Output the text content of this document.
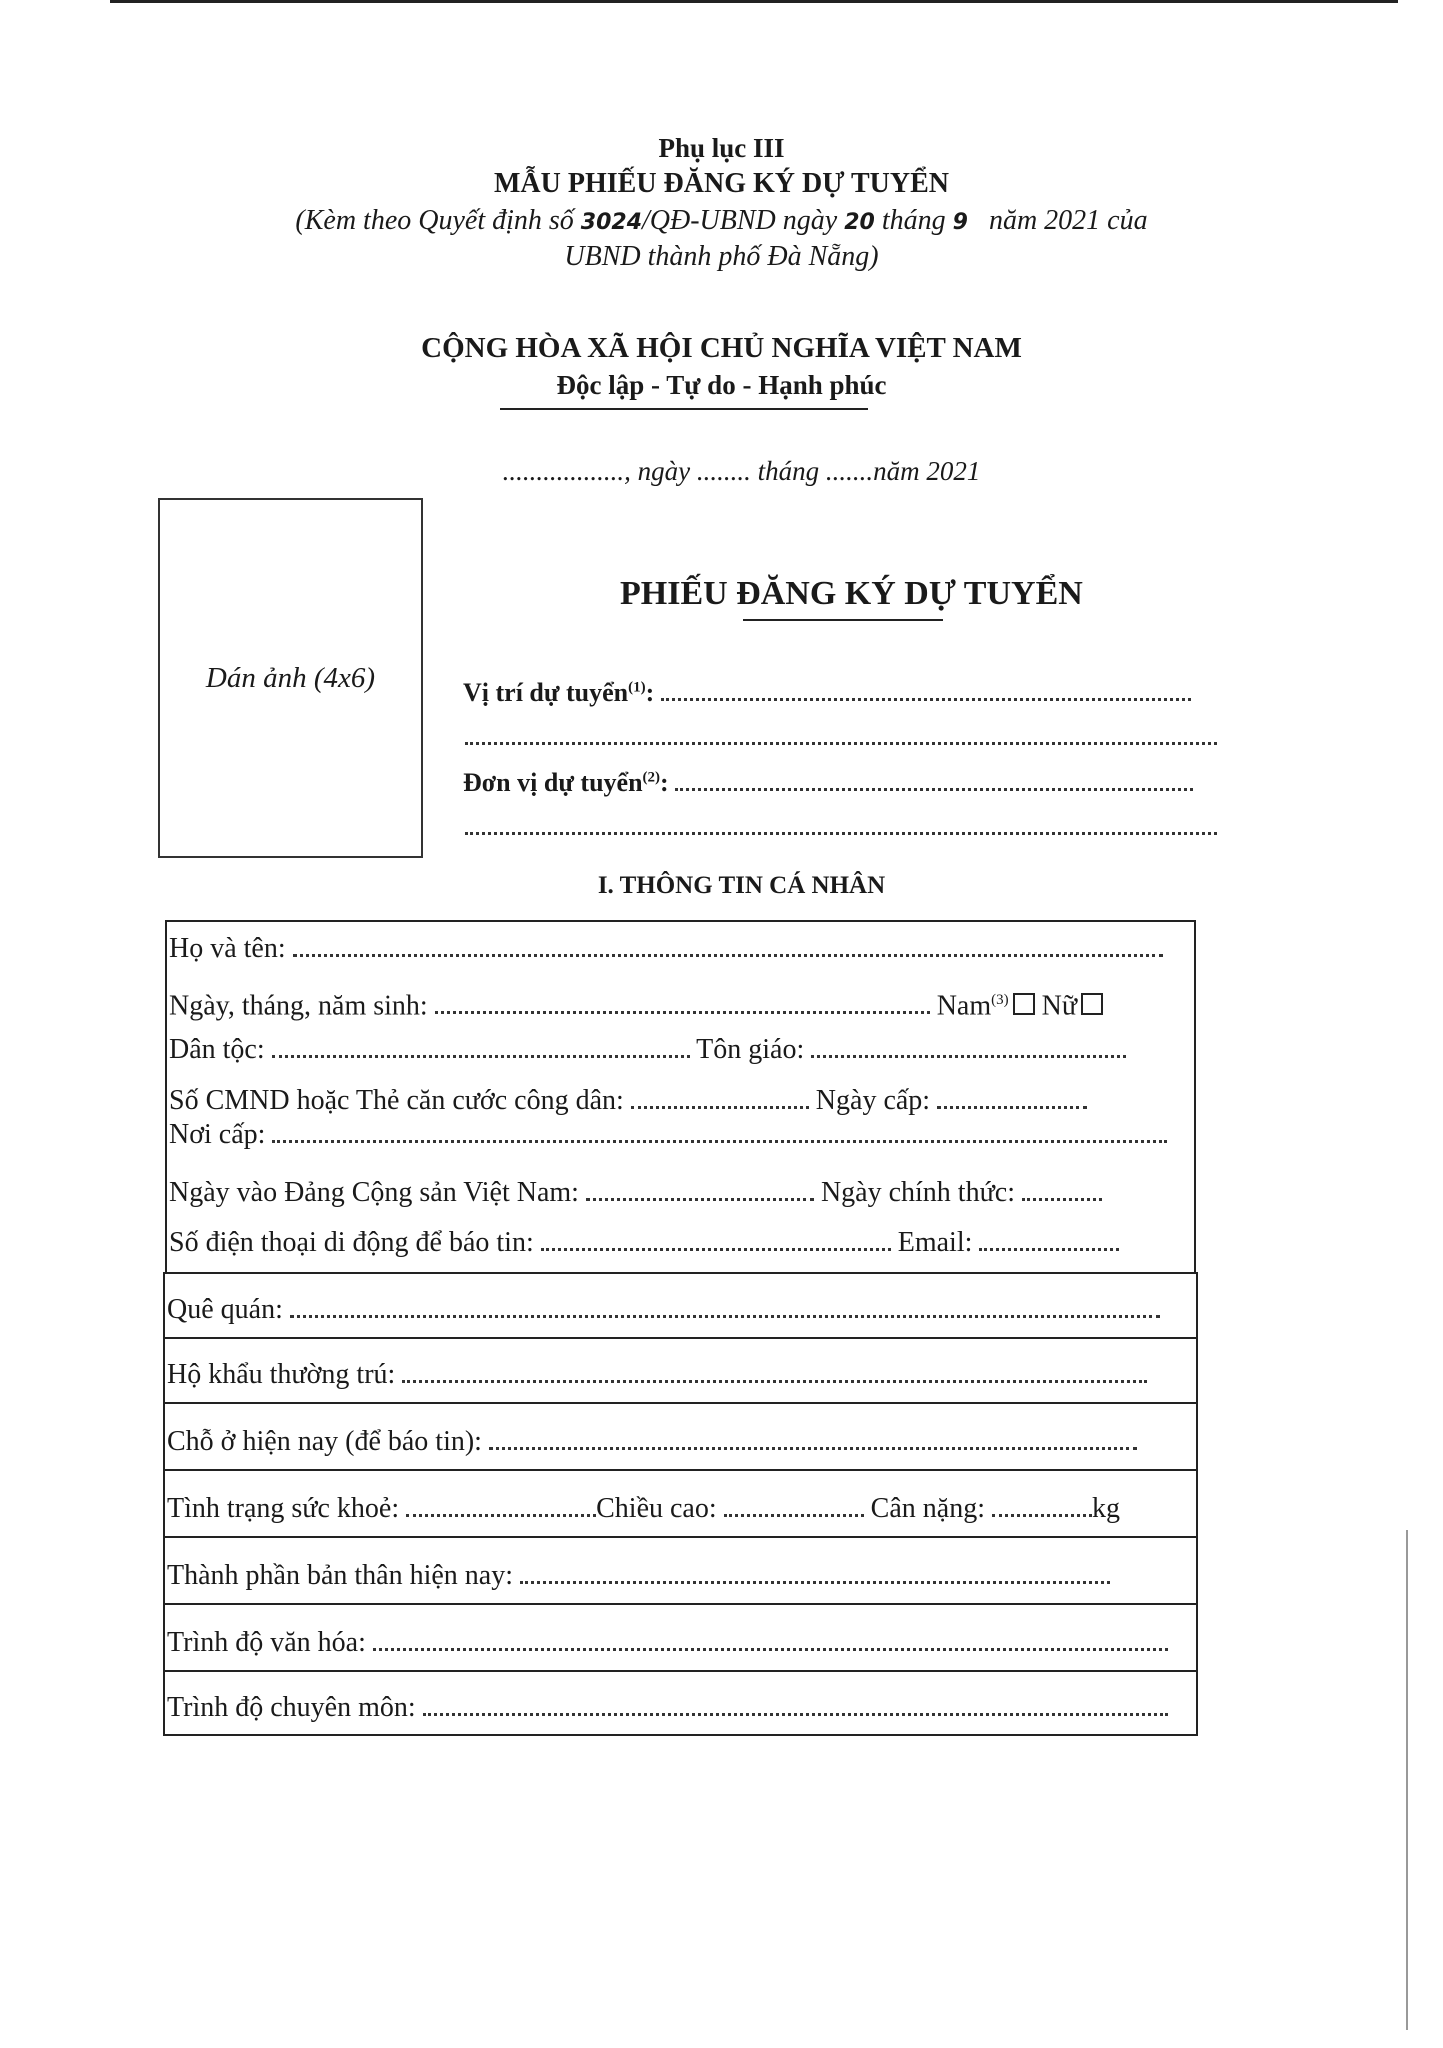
Phụ lục III
MẪU PHIẾU ĐĂNG KÝ DỰ TUYỂN
(Kèm theo Quyết định số 3024/QĐ-UBND ngày 20 tháng 9 năm 2021 của
UBND thành phố Đà Nẵng)
CỘNG HÒA XÃ HỘI CHỦ NGHĨA VIỆT NAM
Độc lập - Tự do - Hạnh phúc
.................., ngày ........ tháng .......năm 2021
Dán ảnh (4x6)
PHIẾU ĐĂNG KÝ DỰ TUYỂN
Vị trí dự tuyển$^{(1)}$:
Đơn vị dự tuyển$^{(2)}$:
I. THÔNG TIN CÁ NHÂN
Họ và tên:
Ngày, tháng, năm sinh:	Nam$^{(3)}$ Nữ
Dân tộc:	Tôn giáo:
Số CMND hoặc Thẻ căn cước công dân:	Ngày cấp:
Nơi cấp:
Ngày vào Đảng Cộng sản Việt Nam:	Ngày chính thức:
Số điện thoại di động để báo tin:	Email:
Quê quán:
Hộ khẩu thường trú:
Chỗ ở hiện nay (để báo tin):
Tình trạng sức khoẻ:	Chiều cao:	Cân nặng:	kg
Thành phần bản thân hiện nay:
Trình độ văn hóa:
Trình độ chuyên môn:
